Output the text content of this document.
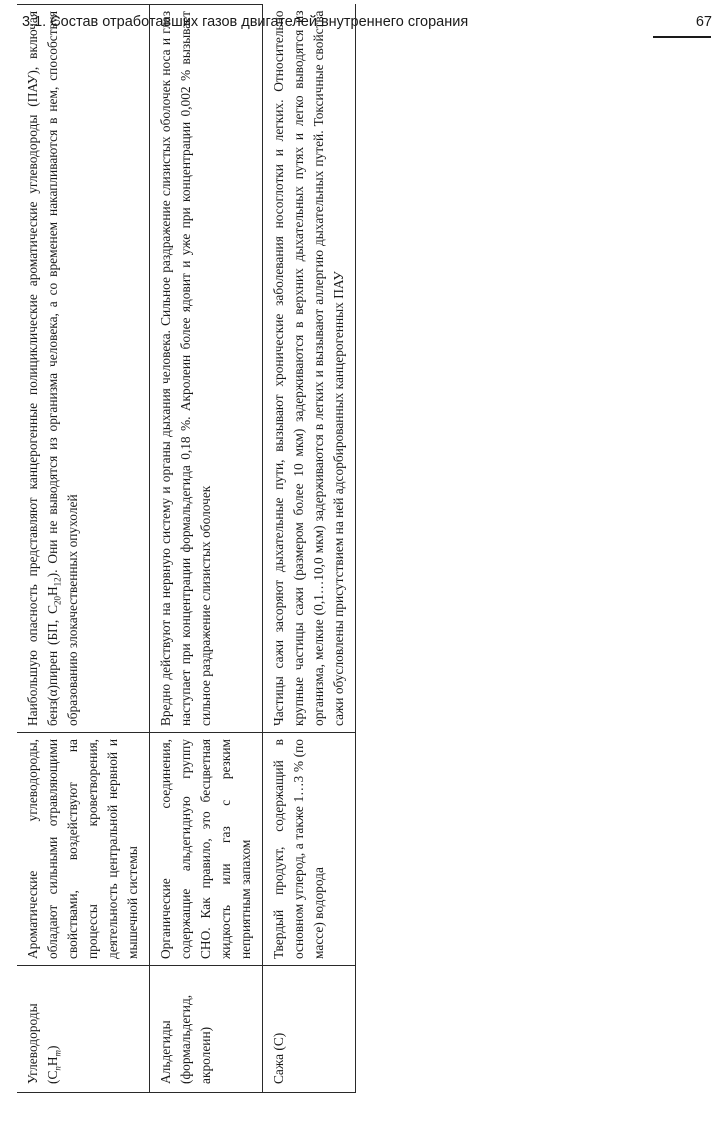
3.1. Состав отработавших газов двигателей внутреннего сгорания	67
Углеводороды $(C_nH_m)$	Ароматические углеводороды, обладают сильными отравляющими свойствами, воздействуют на процессы кроветворения, деятельность центральной нервной и мышечной системы	Наибольшую опасность представляют канцерогенные полициклические ароматические углеводороды (ПАУ), включая бенз(α)пирен (БП, $C_{20}H_{12}$). Они не выводятся из организма человека, а со временем накапливаются в нем, способствуя образованию злокачественных опухолей
Альдегиды (формальдегид, акролеин)	Органические соединения, содержащие альдегидную группу CHO. Как правило, это бесцветная жидкость или газ с резким неприятным запахом	Вредно действуют на нервную систему и органы дыхания человека. Сильное раздражение слизистых оболочек носа и глаз наступает при концентрации формальдегида 0,18 %. Акролеин более ядовит и уже при концентрации 0,002 % вызывает сильное раздражение слизистых оболочек
Сажа (С)	Твердый продукт, содержащий в основном углерод, а также 1…3 % (по массе) водорода	Частицы сажи засоряют дыхательные пути, вызывают хронические заболевания носоглотки и легких. Относительно крупные частицы сажи (размером более 10 мкм) задерживаются в верхних дыхательных путях и легко выводятся из организма, мелкие (0,1…10,0 мкм) задерживаются в легких и вызывают аллергию дыхательных путей. Токсичные свойства сажи обусловлены присутствием на ней адсорбированных канцерогенных ПАУ
